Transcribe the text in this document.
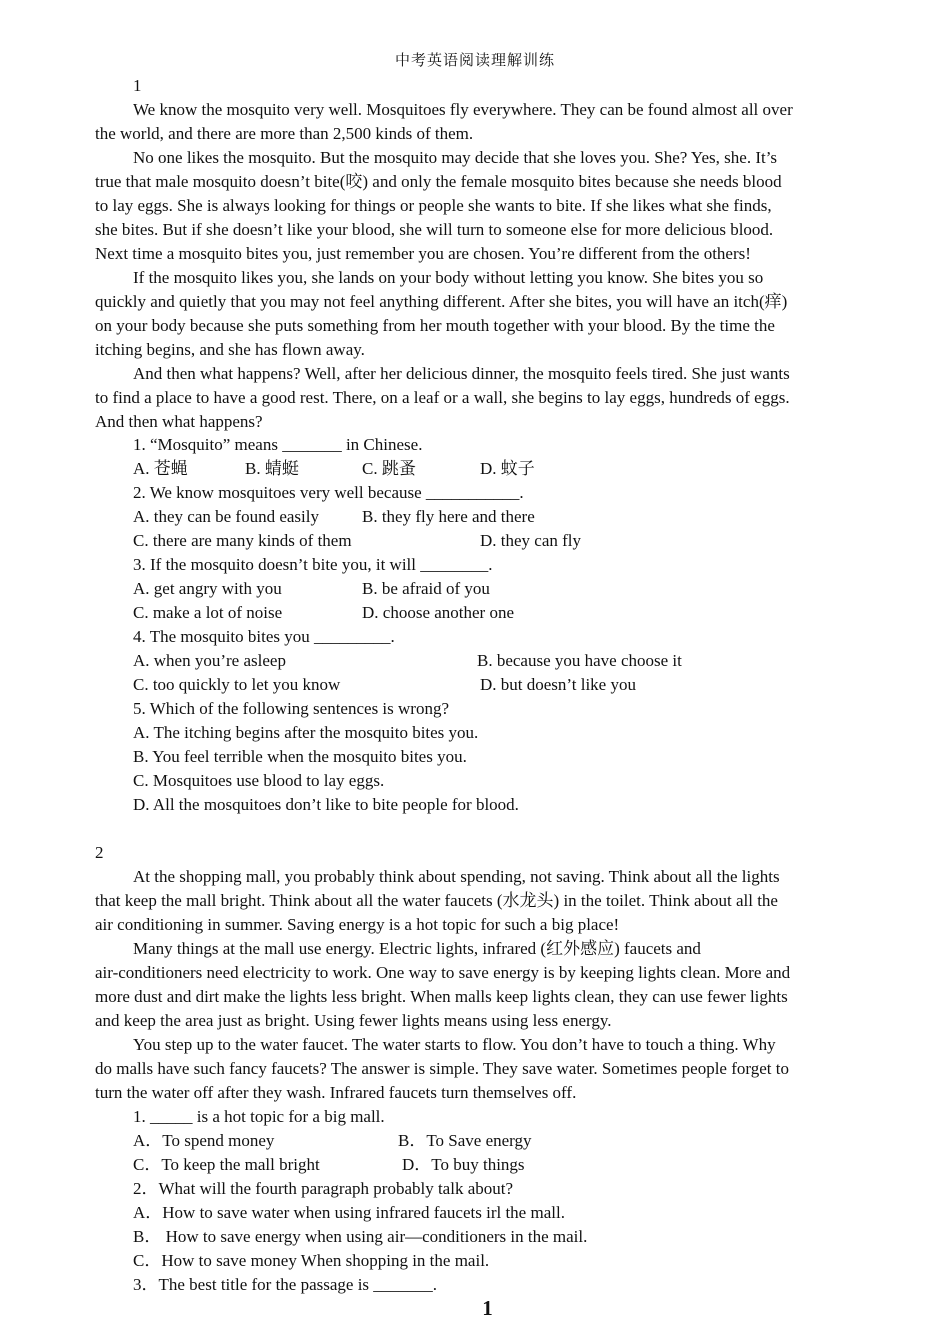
中考英语阅读理解训练
1
We know the mosquito very well. Mosquitoes fly everywhere. They can be found almost all over
the world, and there are more than 2,500 kinds of them.
No one likes the mosquito. But the mosquito may decide that she loves you. She? Yes, she. It’s
true that male mosquito doesn’t bite(咬) and only the female mosquito bites because she needs blood
to lay eggs. She is always looking for things or people she wants to bite. If she likes what she finds,
she bites. But if she doesn’t like your blood, she will turn to someone else for more delicious blood.
Next time a mosquito bites you, just remember you are chosen. You’re different from the others!
If the mosquito likes you, she lands on your body without letting you know. She bites you so
quickly and quietly that you may not feel anything different. After she bites, you will have an itch(痒)
on your body because she puts something from her mouth together with your blood. By the time the
itching begins, and she has flown away.
And then what happens? Well, after her delicious dinner, the mosquito feels tired. She just wants
to find a place to have a good rest. There, on a leaf or a wall, she begins to lay eggs, hundreds of eggs.
And then what happens?
1. “Mosquito” means _______ in Chinese.
A. 苍蝇	B. 蜻蜓	C. 跳蚤	D. 蚊子
2. We know mosquitoes very well because ___________.
A. they can be found easily	B. they fly here and there
C. there are many kinds of them	D. they can fly
3. If the mosquito doesn’t bite you, it will ________.
A. get angry with you	B. be afraid of you
C. make a lot of noise	D. choose another one
4. The mosquito bites you _________.
A. when you’re asleep	B. because you have choose it
C. too quickly to let you know	D. but doesn’t like you
5. Which of the following sentences is wrong?
A. The itching begins after the mosquito bites you.
B. You feel terrible when the mosquito bites you.
C. Mosquitoes use blood to lay eggs.
D. All the mosquitoes don’t like to bite people for blood.
2
At the shopping mall, you probably think about spending, not saving. Think about all the lights
that keep the mall bright. Think about all the water faucets (水龙头) in the toilet. Think about all the
air conditioning in summer. Saving energy is a hot topic for such a big place!
Many things at the mall use energy. Electric lights, infrared (红外感应) faucets and
air-conditioners need electricity to work. One way to save energy is by keeping lights clean. More and
more dust and dirt make the lights less bright. When malls keep lights clean, they can use fewer lights
and keep the area just as bright. Using fewer lights means using less energy.
You step up to the water faucet. The water starts to flow. You don’t have to touch a thing. Why
do malls have such fancy faucets? The answer is simple. They save water. Sometimes people forget to
turn the water off after they wash. Infrared faucets turn themselves off.
1. _____ is a hot topic for a big mall.
A．To spend money	B．To Save energy
C．To keep the mall bright	D．To buy things
2．What will the fourth paragraph probably talk about?
A．How to save water when using infrared faucets irl the mall.
B． How to save energy when using air—conditioners in the mail.
C．How to save money When shopping in the mail.
3．The best title for the passage is _______.
1
